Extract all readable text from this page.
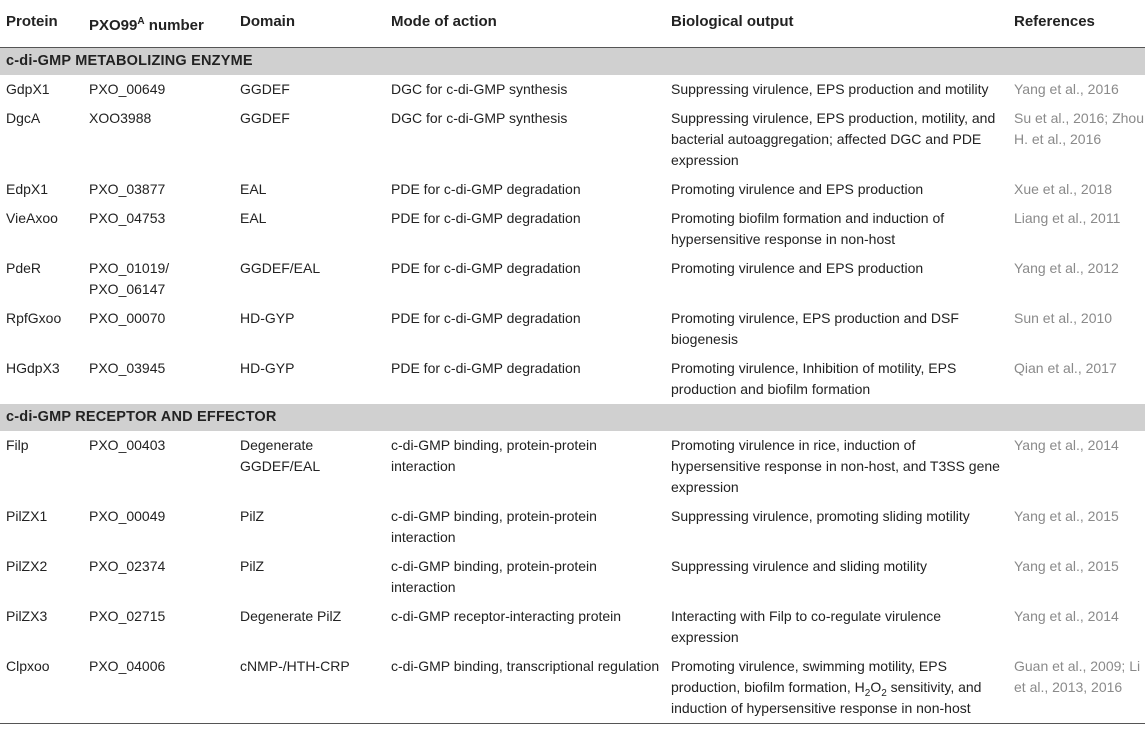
Protein	$PXO99^A$ number	Domain	Mode of action	Biological output	References
c-di-GMP METABOLIZING ENZYME					
GdpX1	PXO_00649	GGDEF	DGC for c-di-GMP synthesis	Suppressing virulence, EPS production and motility	Yang et al., 2016
DgcA	XOO3988	GGDEF	DGC for c-di-GMP synthesis	Suppressing virulence, EPS production, motility, and bacterial autoaggregation; affected DGC and PDE expression	Su et al., 2016; Zhou H. et al., 2016
EdpX1	PXO_03877	EAL	PDE for c-di-GMP degradation	Promoting virulence and EPS production	Xue et al., 2018
VieAxoo	PXO_04753	EAL	PDE for c-di-GMP degradation	Promoting biofilm formation and induction of hypersensitive response in non-host	Liang et al., 2011
PdeR	PXO_01019/ PXO_06147	GGDEF/EAL	PDE for c-di-GMP degradation	Promoting virulence and EPS production	Yang et al., 2012
RpfGxoo	PXO_00070	HD-GYP	PDE for c-di-GMP degradation	Promoting virulence, EPS production and DSF biogenesis	Sun et al., 2010
HGdpX3	PXO_03945	HD-GYP	PDE for c-di-GMP degradation	Promoting virulence, Inhibition of motility, EPS production and biofilm formation	Qian et al., 2017
c-di-GMP RECEPTOR AND EFFECTOR					
Filp	PXO_00403	Degenerate GGDEF/EAL	c-di-GMP binding, protein-protein interaction	Promoting virulence in rice, induction of hypersensitive response in non-host, and T3SS gene expression	Yang et al., 2014
PilZX1	PXO_00049	PilZ	c-di-GMP binding, protein-protein interaction	Suppressing virulence, promoting sliding motility	Yang et al., 2015
PilZX2	PXO_02374	PilZ	c-di-GMP binding, protein-protein interaction	Suppressing virulence and sliding motility	Yang et al., 2015
PilZX3	PXO_02715	Degenerate PilZ	c-di-GMP receptor-interacting protein	Interacting with Filp to co-regulate virulence expression	Yang et al., 2014
Clpxoo	PXO_04006	cNMP-/HTH-CRP	c-di-GMP binding, transcriptional regulation	Promoting virulence, swimming motility, EPS production, biofilm formation, $H_2O_2$ sensitivity, and induction of hypersensitive response in non-host	Guan et al., 2009; Li et al., 2013, 2016
